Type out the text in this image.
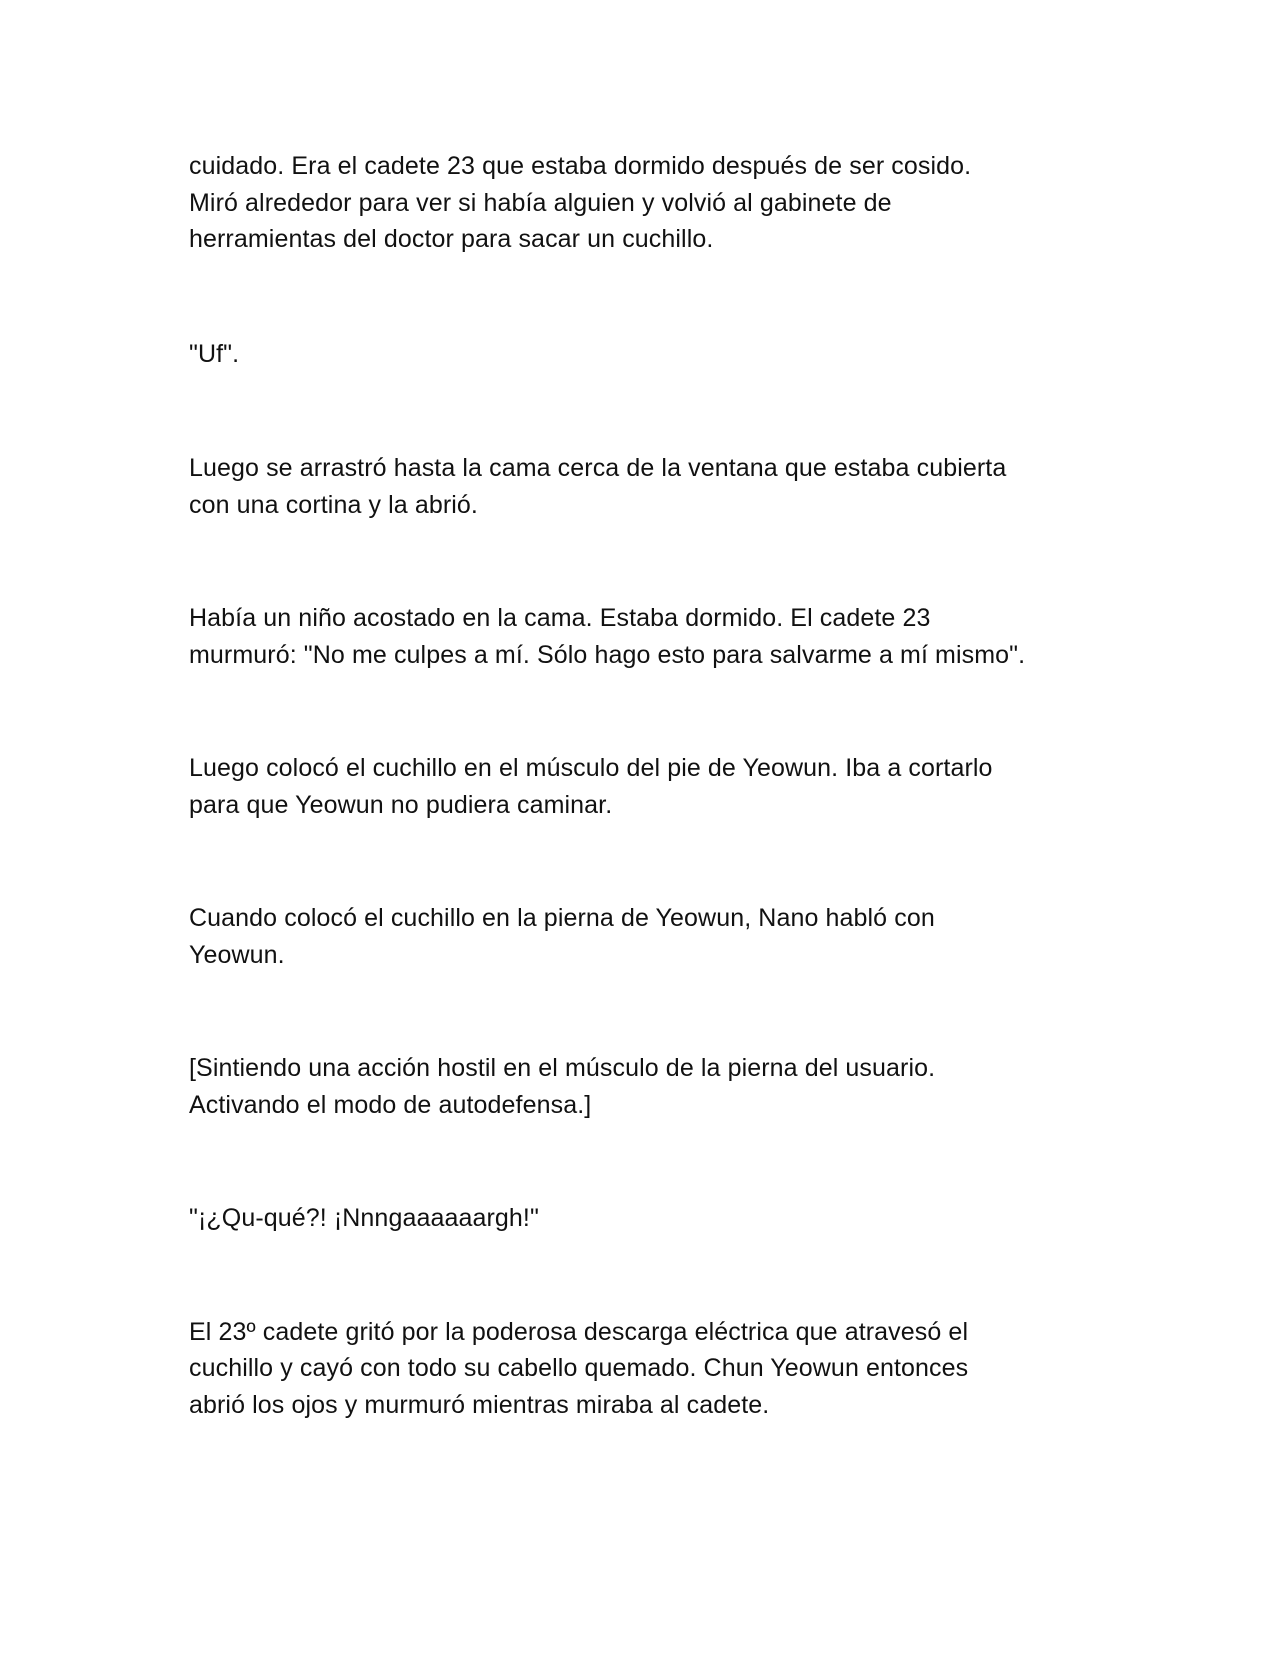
cuidado. Era el cadete 23 que estaba dormido después de ser cosido.
Miró alrededor para ver si había alguien y volvió al gabinete de
herramientas del doctor para sacar un cuchillo.

"Uf".

Luego se arrastró hasta la cama cerca de la ventana que estaba cubierta
con una cortina y la abrió.

Había un niño acostado en la cama. Estaba dormido. El cadete 23
murmuró: "No me culpes a mí. Sólo hago esto para salvarme a mí mismo".

Luego colocó el cuchillo en el músculo del pie de Yeowun. Iba a cortarlo
para que Yeowun no pudiera caminar.

Cuando colocó el cuchillo en la pierna de Yeowun, Nano habló con
Yeowun.

[Sintiendo una acción hostil en el músculo de la pierna del usuario.
Activando el modo de autodefensa.]

"¡¿Qu-qué?! ¡Nnngaaaaaargh!"

El 23º cadete gritó por la poderosa descarga eléctrica que atravesó el
cuchillo y cayó con todo su cabello quemado. Chun Yeowun entonces
abrió los ojos y murmuró mientras miraba al cadete.
